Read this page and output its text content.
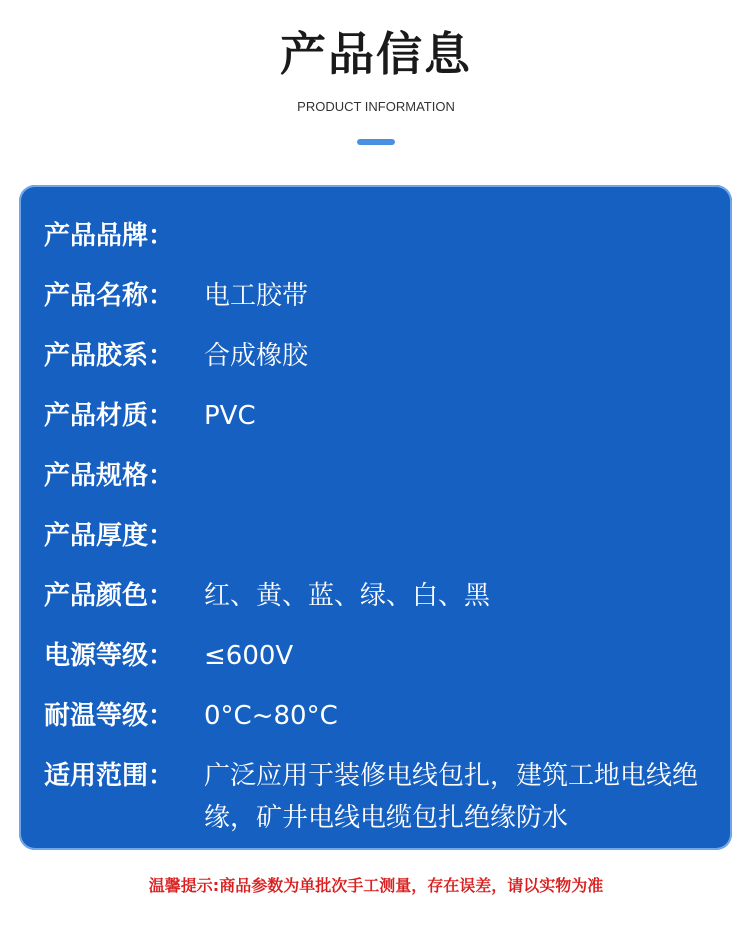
产品信息
PRODUCT INFORMATION
产品品牌：
产品名称：	电工胶带
产品胶系：	合成橡胶
产品材质：	PVC
产品规格：
产品厚度：
产品颜色：	红、黄、蓝、绿、白、黑
电源等级：	≤600V
耐温等级：	0°C~80°C
适用范围：	广泛应用于装修电线包扎，建筑工地电线绝缘，矿井电线电缆包扎绝缘防水
温馨提示:商品参数为单批次手工测量，存在误差，请以实物为准
